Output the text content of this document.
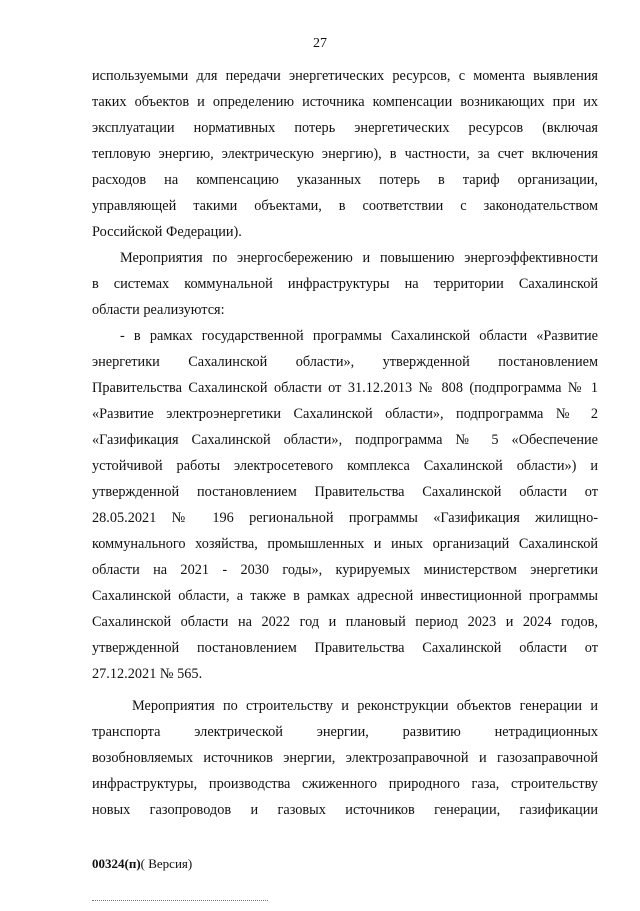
27
используемыми для передачи энергетических ресурсов, с момента выявления
таких объектов и определению источника компенсации возникающих при их
эксплуатации нормативных потерь энергетических ресурсов (включая
тепловую энергию, электрическую энергию), в частности, за счет включения
расходов на компенсацию указанных потерь в тариф организации,
управляющей такими объектами, в соответствии с законодательством
Российской Федерации).
Мероприятия по энергосбережению и повышению энергоэффективности
в системах коммунальной инфраструктуры на территории Сахалинской
области реализуются:
- в рамках государственной программы Сахалинской области «Развитие
энергетики Сахалинской области», утвержденной постановлением
Правительства Сахалинской области от 31.12.2013 № 808 (подпрограмма № 1
«Развитие электроэнергетики Сахалинской области», подпрограмма № 2
«Газификация Сахалинской области», подпрограмма № 5 «Обеспечение
устойчивой работы электросетевого комплекса Сахалинской области») и
утвержденной постановлением Правительства Сахалинской области от
28.05.2021 № 196 региональной программы «Газификация жилищно-
коммунального хозяйства, промышленных и иных организаций Сахалинской
области на 2021 - 2030 годы», курируемых министерством энергетики
Сахалинской области, а также в рамках адресной инвестиционной программы
Сахалинской области на 2022 год и плановый период 2023 и 2024 годов,
утвержденной постановлением Правительства Сахалинской области от
27.12.2021 № 565.
Мероприятия по строительству и реконструкции объектов генерации и
транспорта электрической энергии, развитию нетрадиционных
возобновляемых источников энергии, электрозаправочной и газозаправочной
инфраструктуры, производства сжиженного природного газа, строительству
новых газопроводов и газовых источников генерации, газификации
00324(п)( Версия)
